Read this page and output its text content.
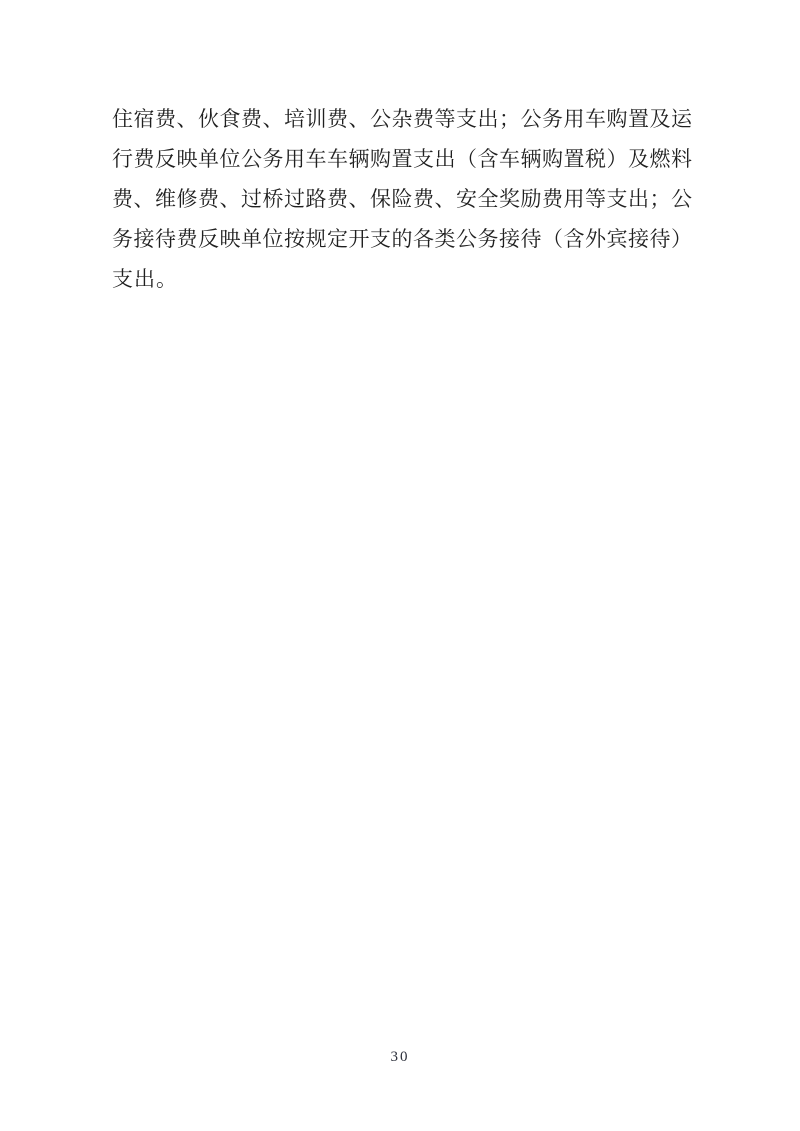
住宿费、伙食费、培训费、公杂费等支出；公务用车购置及运
行费反映单位公务用车车辆购置支出（含车辆购置税）及燃料
费、维修费、过桥过路费、保险费、安全奖励费用等支出；公
务接待费反映单位按规定开支的各类公务接待（含外宾接待）
支出。
30
